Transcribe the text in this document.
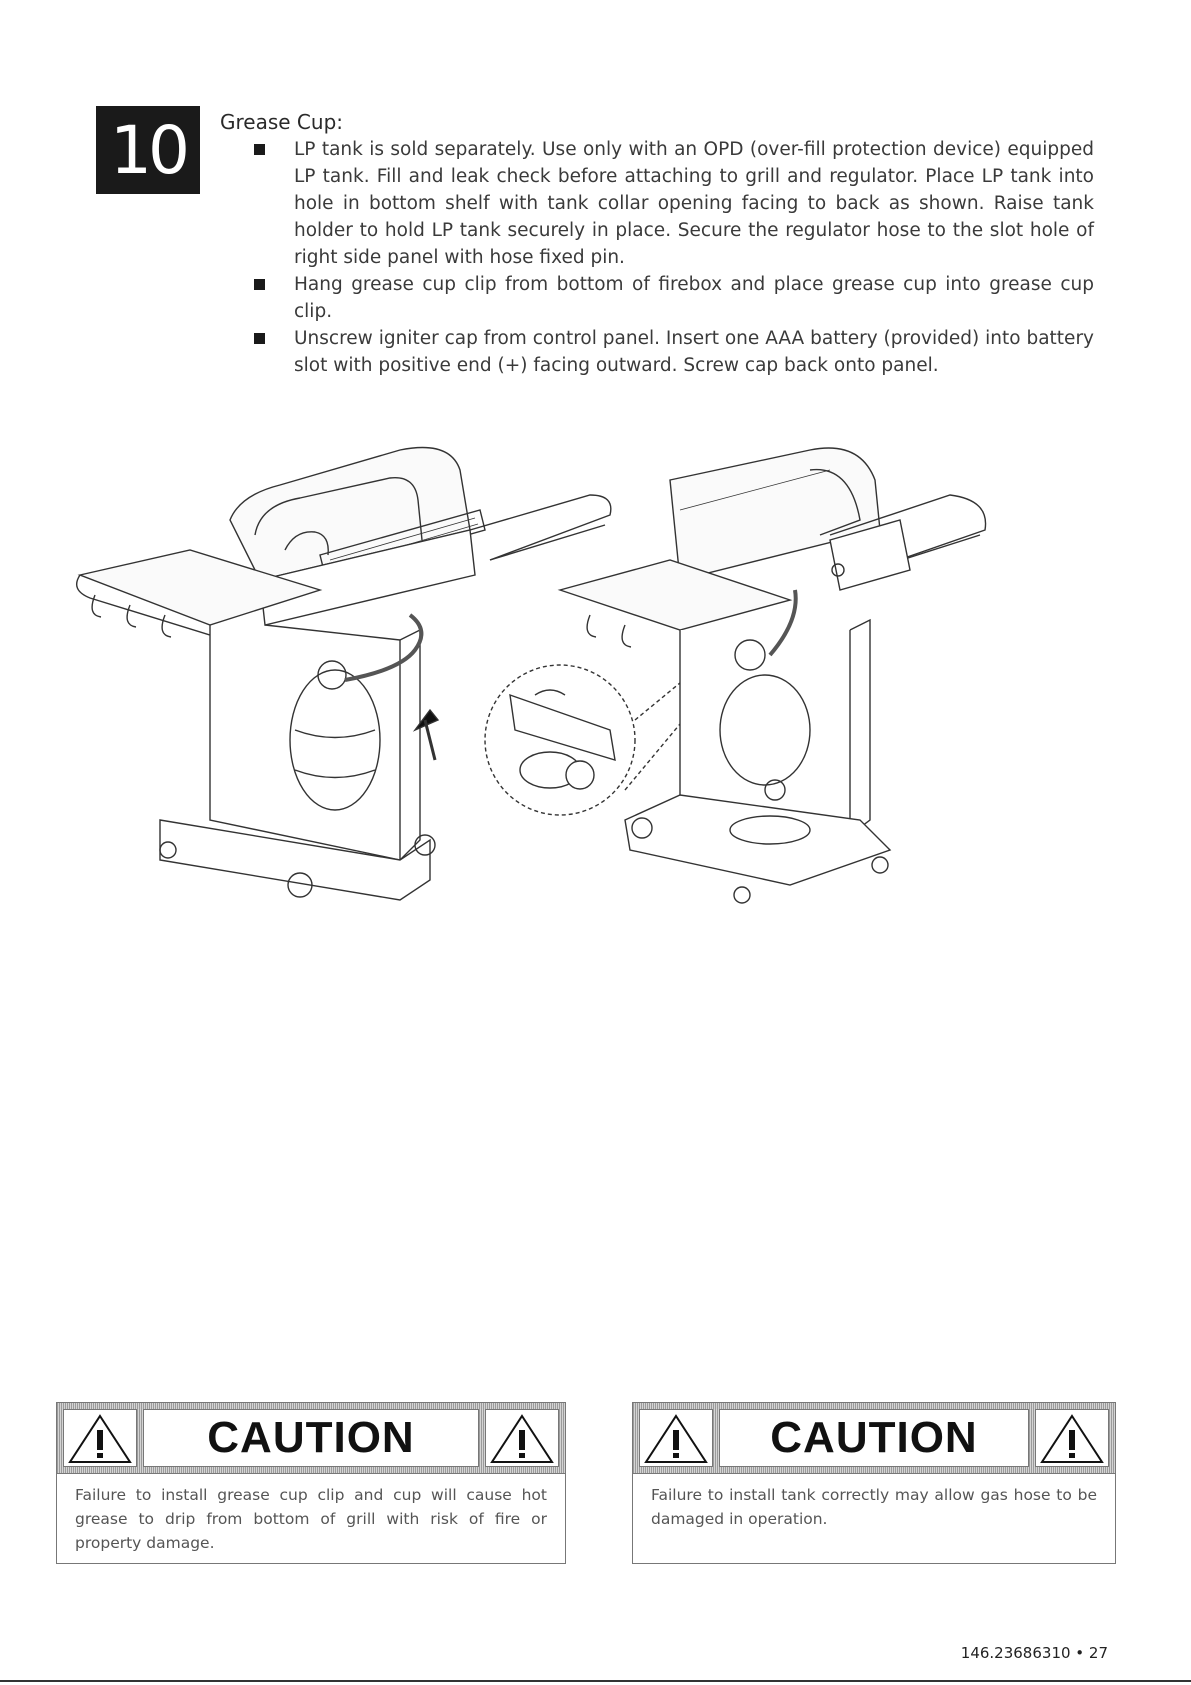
10 Grease Cup:
LP tank is sold separately. Use only with an OPD (over-fill protection device) equipped LP tank. Fill and leak check before attaching to grill and regulator. Place LP tank into hole in bottom shelf with tank collar opening facing to back as shown. Raise tank holder to hold LP tank securely in place. Secure the regulator hose to the slot hole of right side panel with hose fixed pin.
Hang grease cup clip from bottom of firebox and place grease cup into grease cup clip.
Unscrew igniter cap from control panel. Insert one AAA battery (provided) into battery slot with positive end (+) facing outward. Screw cap back onto panel.
CAUTION
Failure to install grease cup clip and cup will cause hot grease to drip from bottom of grill with risk of fire or property damage.
CAUTION
Failure to install tank correctly may allow gas hose to be damaged in operation.
146.23686310 • 27
